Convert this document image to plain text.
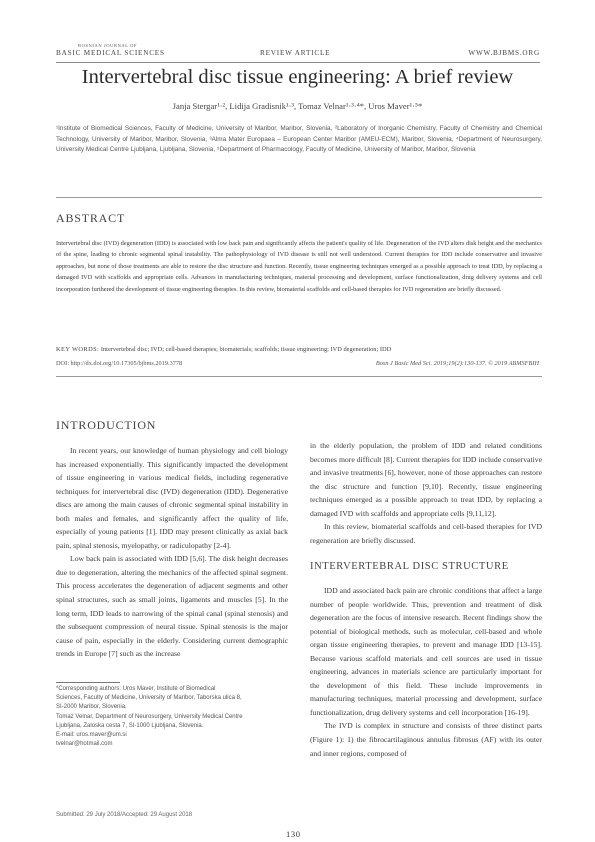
BOSNIAN JOURNAL OF
BASIC MEDICAL SCIENCES	REVIEW ARTICLE	WWW.BJBMS.ORG
Intervertebral disc tissue engineering: A brief review
Janja Stergar¹·², Lidija Gradisnik¹·³, Tomaz Velnar¹·³·⁴*, Uros Maver¹·⁵*
¹Institute of Biomedical Sciences, Faculty of Medicine, University of Maribor, Maribor, Slovenia, ²Laboratory of Inorganic Chemistry, Faculty of Chemistry and Chemical Technology, University of Maribor, Maribor, Slovenia, ³Alma Mater Europaea – European Center Maribor (AMEU-ECM), Maribor, Slovenia, ⁴Department of Neurosurgery, University Medical Centre Ljubljana, Ljubljana, Slovenia, ⁵Department of Pharmacology, Faculty of Medicine, University of Maribor, Maribor, Slovenia
ABSTRACT
Intervertebral disc (IVD) degeneration (IDD) is associated with low back pain and significantly affects the patient's quality of life. Degeneration of the IVD alters disk height and the mechanics of the spine, leading to chronic segmental spinal instability. The pathophysiology of IVD disease is still not well understood. Current therapies for IDD include conservative and invasive approaches, but none of those treatments are able to restore the disc structure and function. Recently, tissue engineering techniques emerged as a possible approach to treat IDD, by replacing a damaged IVD with scaffolds and appropriate cells. Advances in manufacturing techniques, material processing and development, surface functionalization, drug delivery systems and cell incorporation furthered the development of tissue engineering therapies. In this review, biomaterial scaffolds and cell-based therapies for IVD regeneration are briefly discussed.
KEY WORDS: Intervertebral disc; IVD; cell-based therapies; biomaterials; scaffolds; tissue engineering; IVD degeneration; IDD
DOI: http://dx.doi.org/10.17305/bjbms.2019.3778	Bosn J Basic Med Sci. 2019;19(2):130-137. © 2019 ABMSFBIH
INTRODUCTION

In recent years, our knowledge of human physiology and cell biology has increased exponentially. This significantly impacted the development of tissue engineering in various medical fields, including regenerative techniques for intervertebral disc (IVD) degeneration (IDD). Degenerative discs are among the main causes of chronic segmental spinal instability in both males and females, and significantly affect the quality of life, especially of young patients [1]. IDD may present clinically as axial back pain, spinal stenosis, myelopathy, or radiculopathy [2-4].

Low back pain is associated with IDD [5,6]. The disk height decreases due to degeneration, altering the mechanics of the affected spinal segment. This process accelerates the degeneration of adjacent segments and other spinal structures, such as small joints, ligaments and muscles [5]. In the long term, IDD leads to narrowing of the spinal canal (spinal stenosis) and the subsequent compression of neural tissue. Spinal stenosis is the major cause of pain, especially in the elderly. Considering current demographic trends in Europe [7] such as the increase

in the elderly population, the problem of IDD and related conditions becomes more difficult [8]. Current therapies for IDD include conservative and invasive treatments [6], however, none of those approaches can restore the disc structure and function [9,10]. Recently, tissue engineering techniques emerged as a possible approach to treat IDD, by replacing a damaged IVD with scaffolds and appropriate cells [9,11,12].

In this review, biomaterial scaffolds and cell-based therapies for IVD regeneration are briefly discussed.

INTERVERTEBRAL DISC STRUCTURE

IDD and associated back pain are chronic conditions that affect a large number of people worldwide. Thus, prevention and treatment of disk degeneration are the focus of intensive research. Recent findings show the potential of biological methods, such as molecular, cell-based and whole organ tissue engineering therapies, to prevent and manage IDD [13-15]. Because various scaffold materials and cell sources are used in tissue engineering, advances in materials science are particularly important for the development of this field. These include improvements in manufacturing techniques, material processing and development, surface functionalization, drug delivery systems and cell incorporation [16-19].

The IVD is complex in structure and consists of three distinct parts (Figure 1): 1) the fibrocartilaginous annulus fibrosus (AF) with its outer and inner regions, composed of

*Corresponding authors: Uros Maver, Institute of Biomedical
Sciences, Faculty of Medicine, University of Maribor, Taborska ulica 8,
SI-2000 Maribor, Slovenia.
Tomaz Velnar, Department of Neurosurgery, University Medical Centre
Ljubljana, Zaloska cesta 7, SI-1000 Ljubljana, Slovenia.
E-mail: uros.maver@um.si
tvelnar@hotmail.com
Submitted: 29 July 2018/Accepted: 29 August 2018
130
